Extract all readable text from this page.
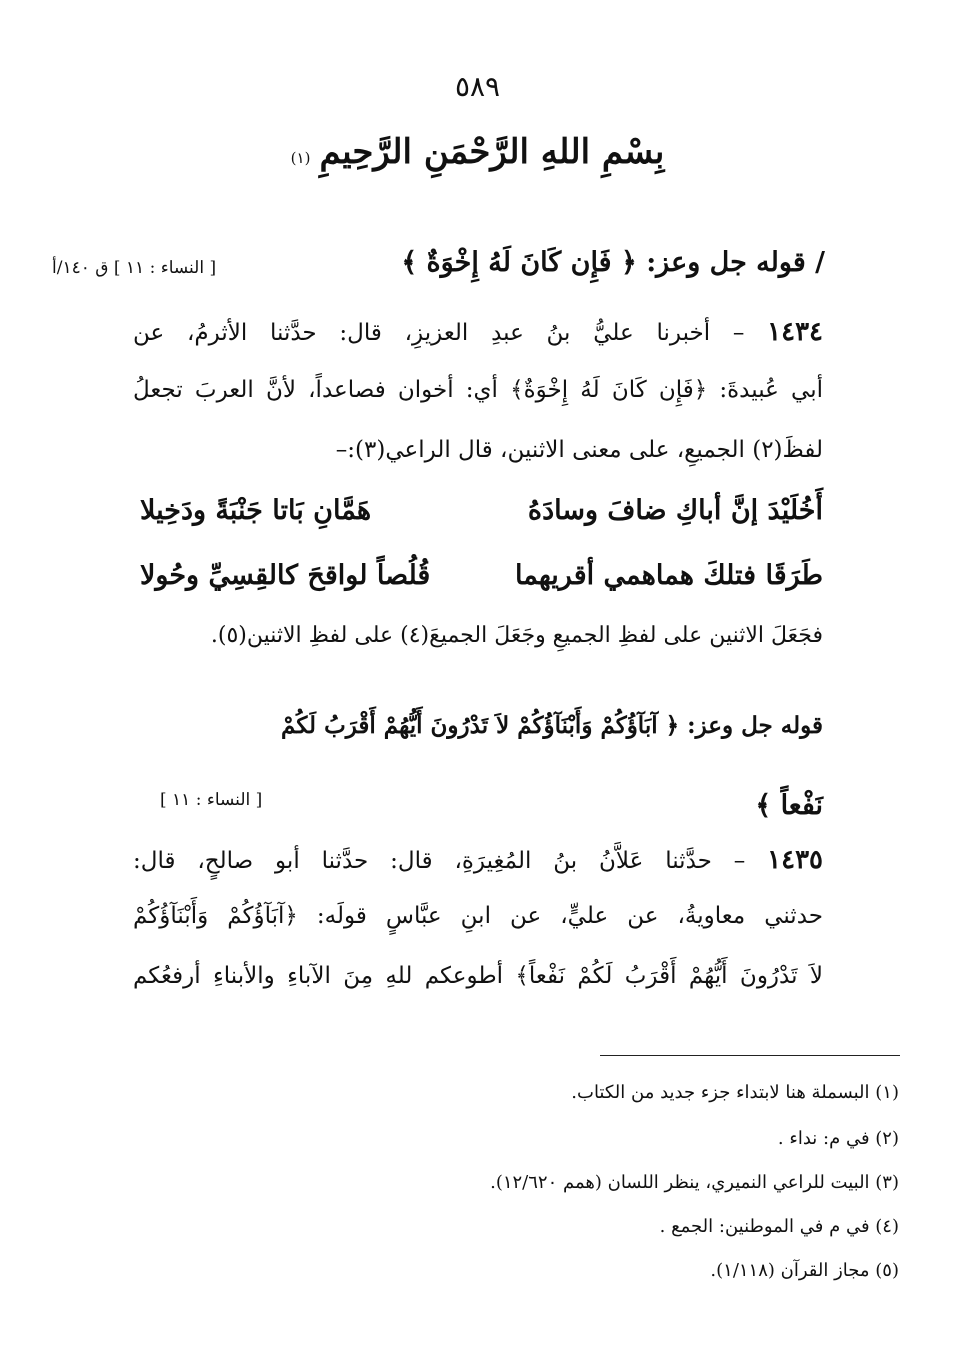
٥٨٩
بِسْمِ اللهِ الرَّحْمَنِ الرَّحِيمِ (١)
/ قوله جل وعز: ﴿ فَإِن كَانَ لَهُ إِخْوَةٌ ﴾
[ النساء : ١١ ] ق ١٤٠/أ
١٤٣٤ – أخبرنا عليُّ بنُ عبدِ العزيزِ، قال: حدَّثنا الأثرمُ، عن
أبي عُبيدةَ: ﴿فَإِن كَانَ لَهُ إِخْوَةٌ﴾ أي: أخوان فصاعداً، لأنَّ العربَ تجعلُ
لفظَ(٢) الجميعِ، على معنى الاثنين، قال الراعي(٣):–
أَخُلَيْدَ إنَّ أباكِ ضافَ وسادَهُ
هَمَّانِ بَاتا جَنْبَةً ودَخِيلا
طَرَقَا فتلكَ هماهمي أقريهما
قُلُصاً لواقحَ كالقِسِيِّ وحُولا
فجَعَلَ الاثنين على لفظِ الجميعِ وجَعَلَ الجميعَ(٤) على لفظِ الاثنين(٥).
قوله جل وعز: ﴿ آبَآؤُكُمْ وَأَبْنَآؤُكُمْ لاَ تَدْرُونَ أَيُّهُمْ أَقْرَبُ لَكُمْ
نَفْعاً ﴾
[ النساء : ١١ ]
١٤٣٥ – حدَّثنا عَلاَّنُ بنُ المُغِيرَةِ، قال: حدَّثنا أبو صالحٍ، قال:
حدثني معاويةُ، عن عليٍّ، عن ابنِ عبَّاسٍ قولَه: ﴿آبَآؤُكُمْ وَأَبْنَآؤُكُمْ
لاَ تَدْرُونَ أَيُّهُمْ أَقْرَبُ لَكُمْ نَفْعاً﴾ أطوعكم للهِ مِنَ الآباءِ والأبناءِ أرفعُكم
(١) البسملة هنا لابتداء جزء جديد من الكتاب.
(٢) في م: نداء .
(٣) البيت للراعي النميري، ينظر اللسان (همم ١٢/٦٢٠).
(٤) في م في الموطنين: الجمع .
(٥) مجاز القرآن (١/١١٨).
